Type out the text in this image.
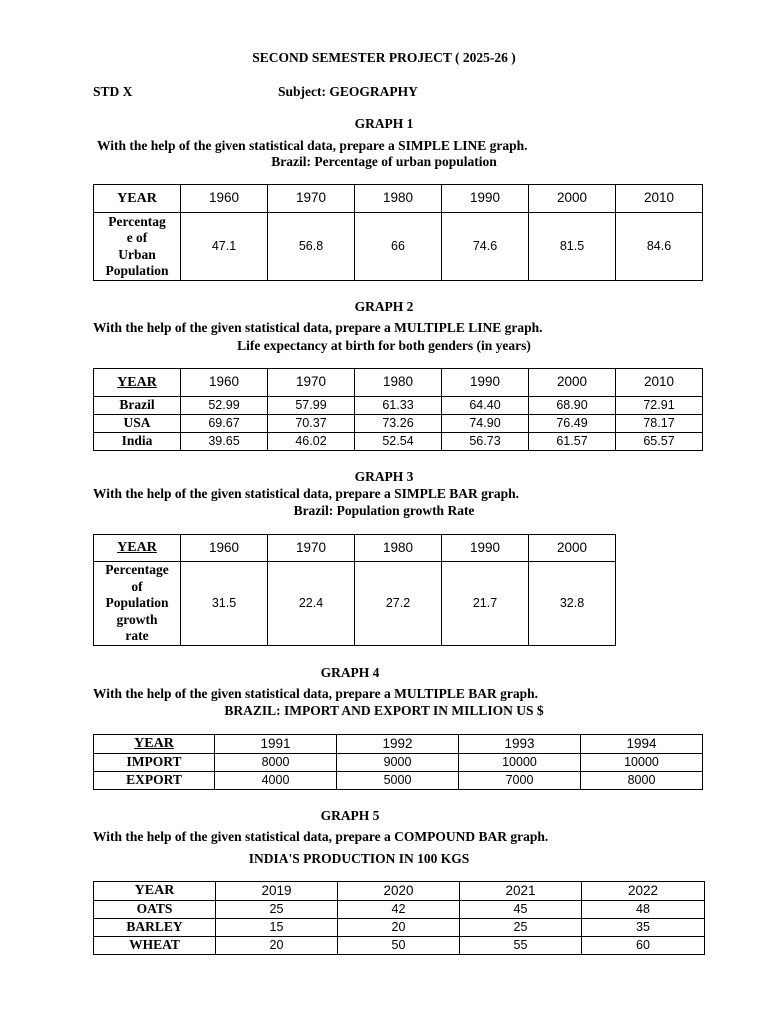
SECOND SEMESTER PROJECT ( 2025-26 )
STD X	Subject: GEOGRAPHY
GRAPH 1
With the help of the given statistical data, prepare a SIMPLE LINE graph.
Brazil: Percentage of urban population
YEAR	1960	1970	1980	1990	2000	2010

Percentag
e of
Urban
Population	47.1	56.8	66	74.6	81.5	84.6
GRAPH 2
With the help of the given statistical data, prepare a MULTIPLE LINE graph.
Life expectancy at birth for both genders (in years)
YEAR	1960	1970	1980	1990	2000	2010
Brazil	52.99	57.99	61.33	64.40	68.90	72.91
USA	69.67	70.37	73.26	74.90	76.49	78.17
India	39.65	46.02	52.54	56.73	61.57	65.57
GRAPH 3
With the help of the given statistical data, prepare a SIMPLE BAR graph.
Brazil: Population growth Rate
YEAR	1960	1970	1980	1990	2000

Percentage
of
Population
growth
rate	31.5	22.4	27.2	21.7	32.8
GRAPH 4
With the help of the given statistical data, prepare a MULTIPLE BAR graph.
BRAZIL: IMPORT AND EXPORT IN MILLION US $
YEAR	1991	1992	1993	1994
IMPORT	8000	9000	10000	10000
EXPORT	4000	5000	7000	8000
GRAPH 5
With the help of the given statistical data, prepare a COMPOUND BAR graph.
INDIA'S PRODUCTION IN 100 KGS
YEAR	2019	2020	2021	2022
OATS	25	42	45	48
BARLEY	15	20	25	35
WHEAT	20	50	55	60
